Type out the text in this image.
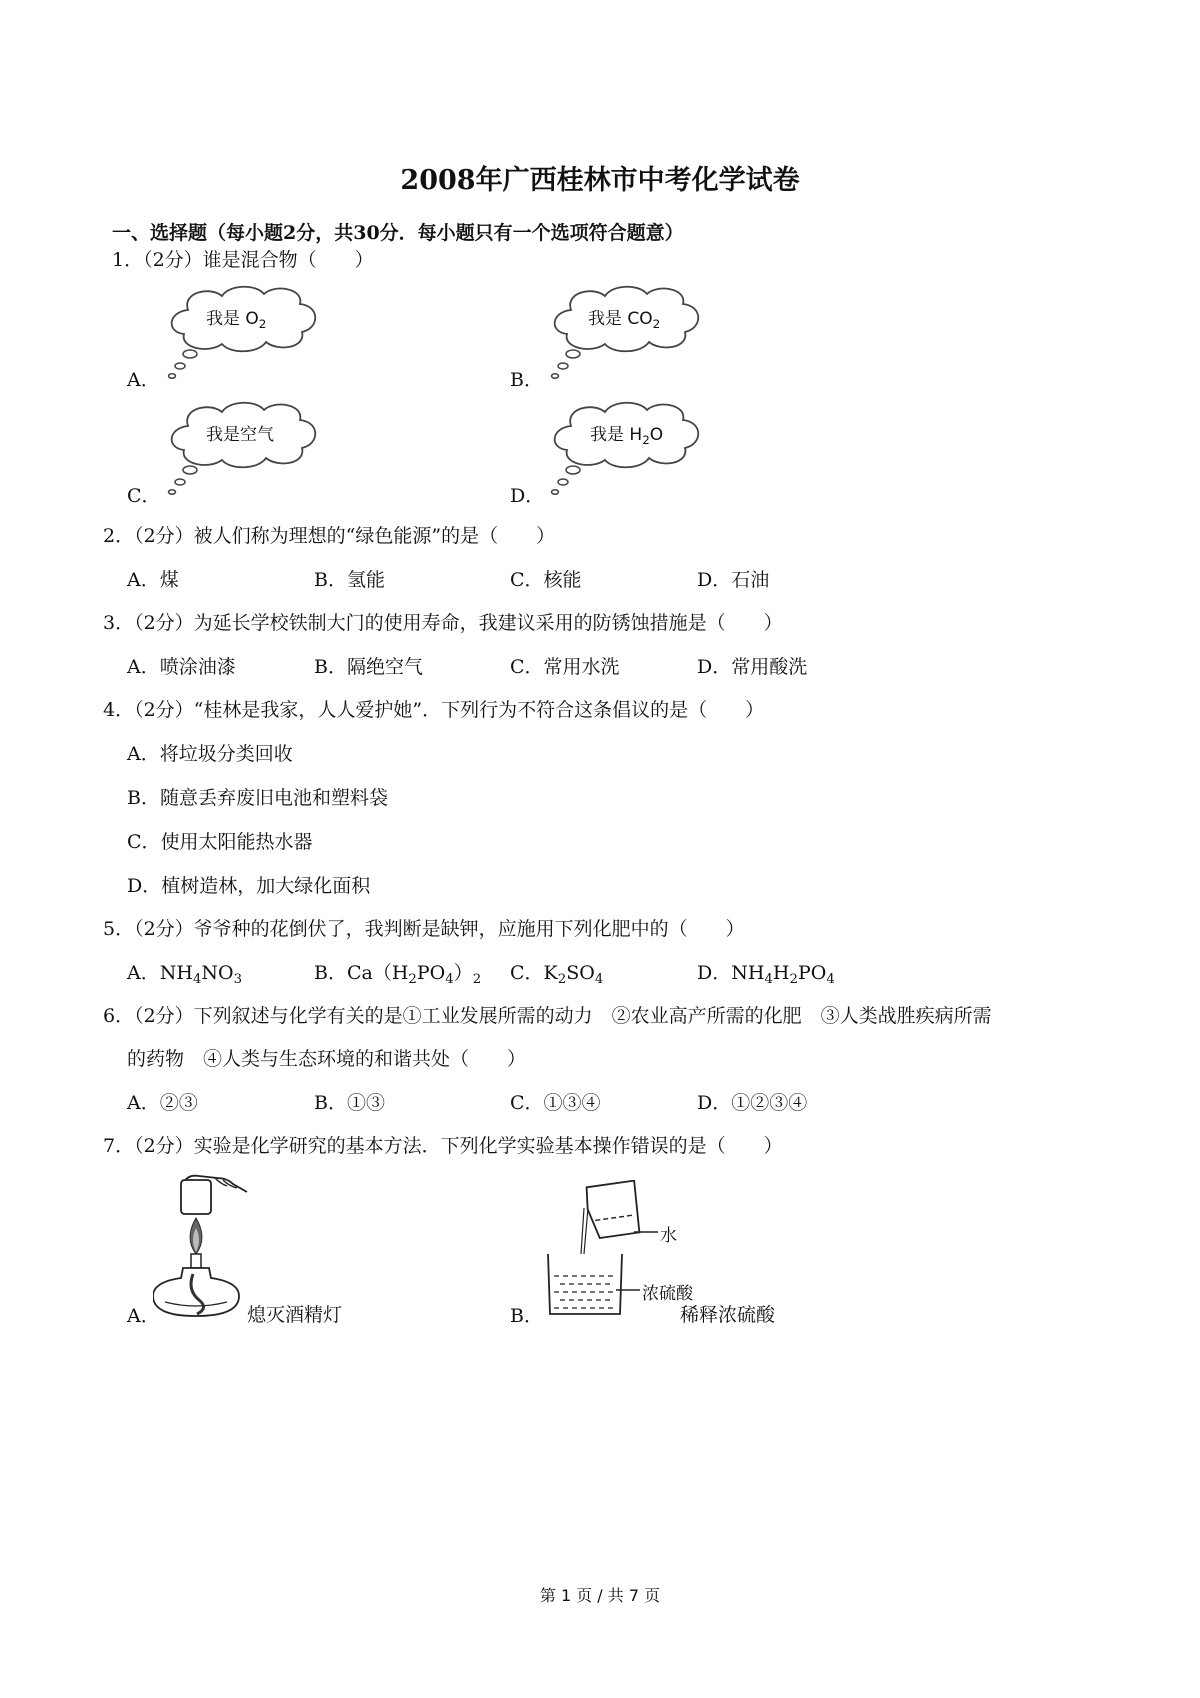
2008年广西桂林市中考化学试卷
一、选择题（每小题2分，共30分．每小题只有一个选项符合题意）
1．（2分）谁是混合物（　　）
我是 $O_2$
A．
我是 $CO_2$
B．
我是空气
C．
我是 $H_2O$
D．
2．（2分）被人们称为理想的“绿色能源”的是（　　）
A．煤	B．氢能	C．核能	D．石油
3．（2分）为延长学校铁制大门的使用寿命，我建议采用的防锈蚀措施是（　　）
A．喷涂油漆	B．隔绝空气	C．常用水洗	D．常用酸洗
4．（2分）“桂林是我家，人人爱护她”．下列行为不符合这条倡议的是（　　）
A．将垃圾分类回收
B．随意丢弃废旧电池和塑料袋
C．使用太阳能热水器
D．植树造林，加大绿化面积
5．（2分）爷爷种的花倒伏了，我判断是缺钾，应施用下列化肥中的（　　）
A．$NH_4NO_3$	B．$Ca(H_2PO_4)_2$ C．$K_2SO_4$	D．$NH_4H_2PO_4$
6．（2分）下列叙述与化学有关的是①工业发展所需的动力　②农业高产所需的化肥　③人类战胜疾病所需
的药物　④人类与生态环境的和谐共处（　　）
A．②③	B．①③	C．①③④	D．①②③④
7．（2分）实验是化学研究的基本方法．下列化学实验基本操作错误的是（　　）
A．	熄灭酒精灯	B．
水
浓硫酸
稀释浓硫酸
第 1 页 / 共 7 页
